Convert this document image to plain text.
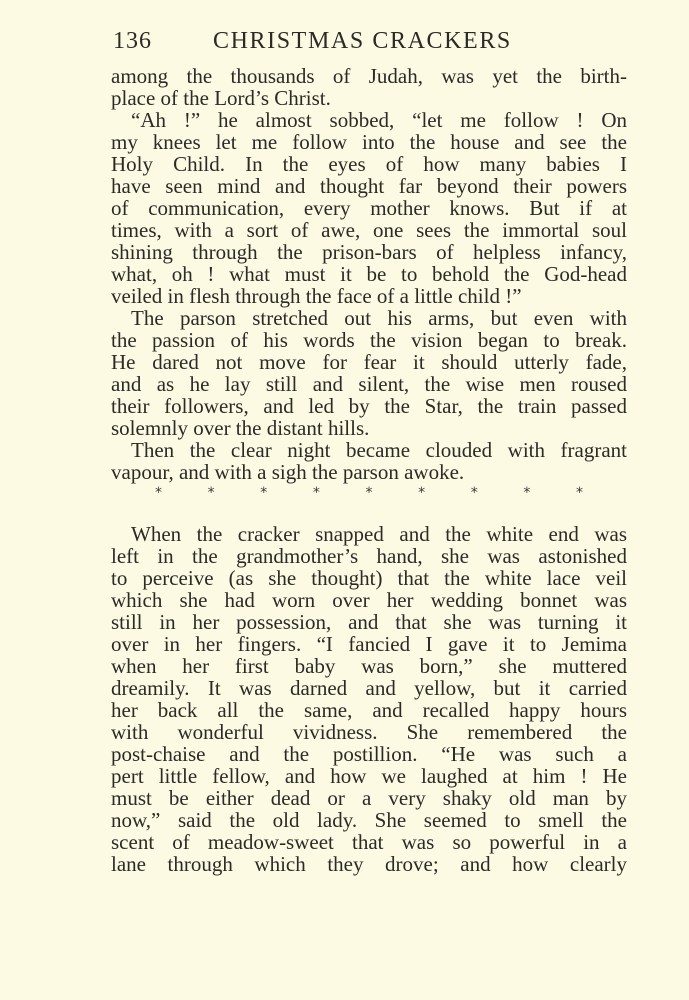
136	CHRISTMAS CRACKERS
among the thousands of Judah, was yet the birth-
place of the Lord’s Christ.
“Ah !” he almost sobbed, “let me follow ! On
my knees let me follow into the house and see the
Holy Child. In the eyes of how many babies I
have seen mind and thought far beyond their powers
of communication, every mother knows. But if at
times, with a sort of awe, one sees the immortal soul
shining through the prison-bars of helpless infancy,
what, oh ! what must it be to behold the God-head
veiled in flesh through the face of a little child !”
The parson stretched out his arms, but even with
the passion of his words the vision began to break.
He dared not move for fear it should utterly fade,
and as he lay still and silent, the wise men roused
their followers, and led by the Star, the train passed
solemnly over the distant hills.
Then the clear night became clouded with fragrant
vapour, and with a sigh the parson awoke.
*	*	*	*	*	*	*	*	*
When the cracker snapped and the white end was
left in the grandmother’s hand, she was astonished
to perceive (as she thought) that the white lace veil
which she had worn over her wedding bonnet was
still in her possession, and that she was turning it
over in her fingers. “I fancied I gave it to Jemima
when her first baby was born,” she muttered
dreamily. It was darned and yellow, but it carried
her back all the same, and recalled happy hours
with wonderful vividness. She remembered the
post-chaise and the postillion. “He was such a
pert little fellow, and how we laughed at him ! He
must be either dead or a very shaky old man by
now,” said the old lady. She seemed to smell the
scent of meadow-sweet that was so powerful in a
lane through which they drove; and how clearly
